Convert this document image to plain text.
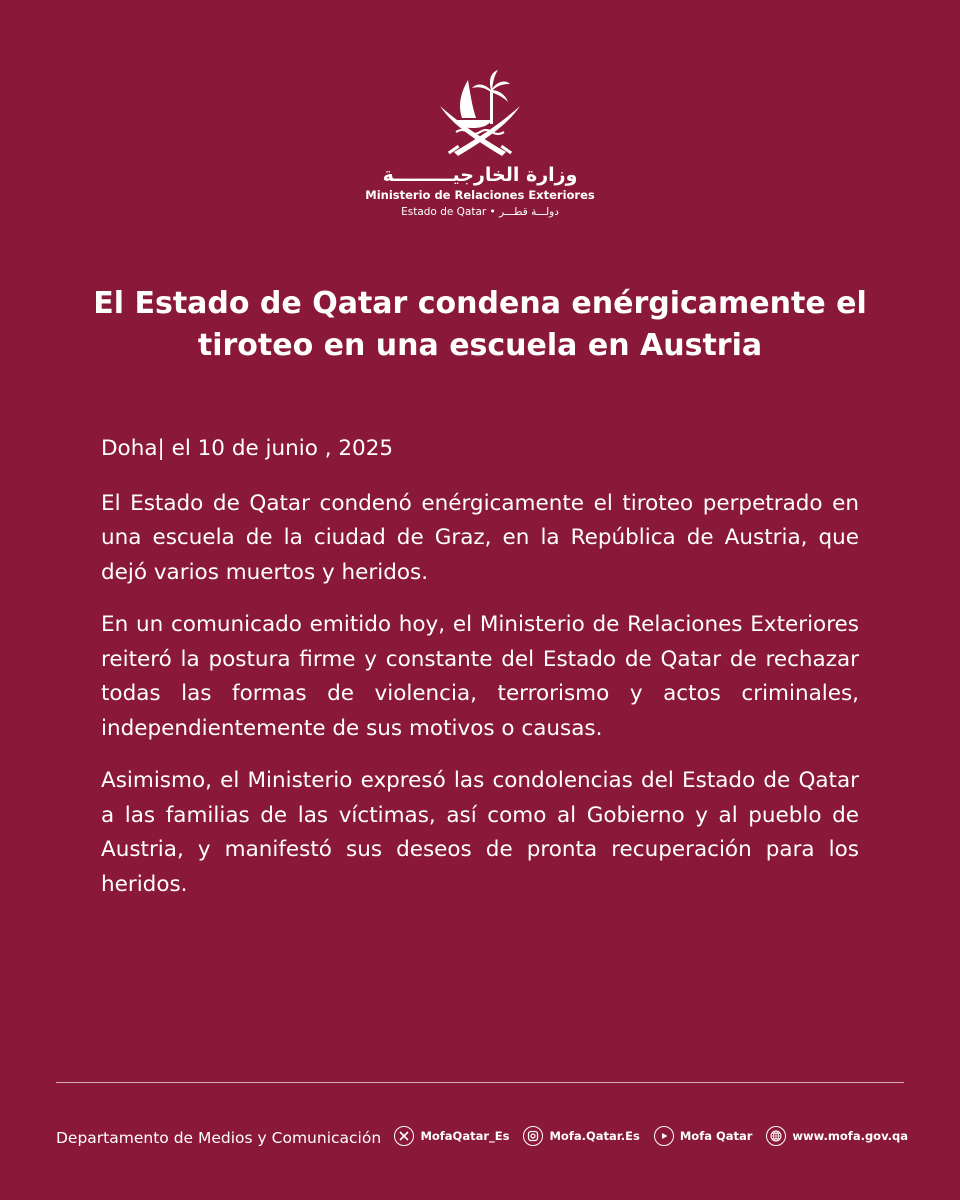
وزارة الخارجيـــــــــة
Ministerio de Relaciones Exteriores
Estado de Qatar • دولـــة قطـــر
El Estado de Qatar condena enérgicamente el tiroteo en una escuela en Austria

Doha| el 10 de junio , 2025

El Estado de Qatar condenó enérgicamente el tiroteo perpetrado en una escuela de la ciudad de Graz, en la República de Austria, que dejó varios muertos y heridos.

En un comunicado emitido hoy, el Ministerio de Relaciones Exteriores reiteró la postura firme y constante del Estado de Qatar de rechazar todas las formas de violencia, terrorismo y actos criminales, independientemente de sus motivos o causas.

Asimismo, el Ministerio expresó las condolencias del Estado de Qatar a las familias de las víctimas, así como al Gobierno y al pueblo de Austria, y manifestó sus deseos de pronta recuperación para los heridos.

Departamento de Medios y Comunicación	MofaQatar_Es	Mofa.Qatar.Es	Mofa Qatar	www.mofa.gov.qa
